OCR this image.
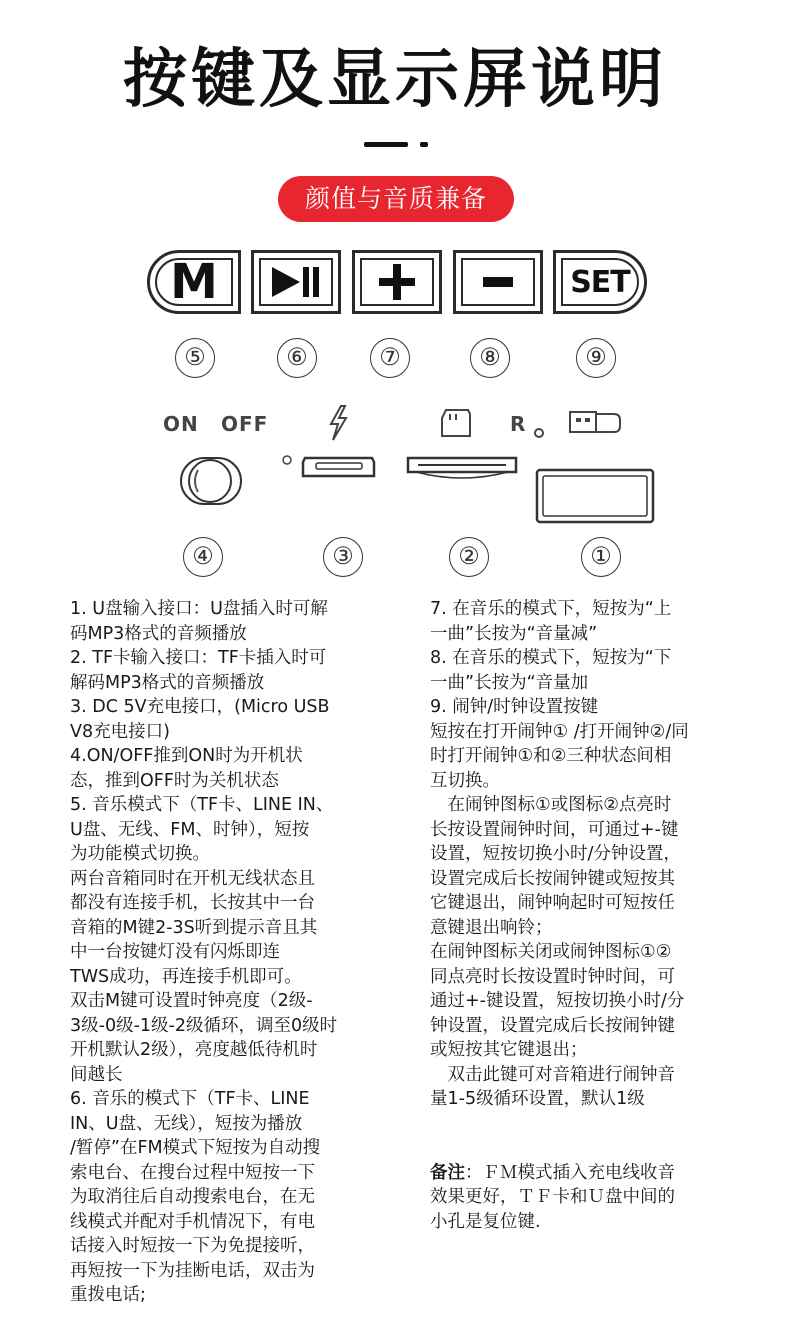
按键及显示屏说明
颜值与音质兼备
M	SET
⑤	⑥	⑦	⑧	⑨
ON OFF	R
④	③	②	①

1. U盘输入接口：U盘插入时可解

码MP3格式的音频播放

2. TF卡输入接口：TF卡插入时可

解码MP3格式的音频播放

3. DC 5V充电接口，(Micro USB

V8充电接口)

4.ON/OFF推到ON时为开机状

态，推到OFF时为关机状态

5. 音乐模式下（TF卡、LINE IN、

U盘、无线、FM、时钟），短按

为功能模式切换。

两台音箱同时在开机无线状态且

都没有连接手机，长按其中一台

音箱的M键2-3S听到提示音且其

中一台按键灯没有闪烁即连

TWS成功，再连接手机即可。

双击M键可设置时钟亮度（2级-

3级-0级-1级-2级循环，调至0级时

开机默认2级），亮度越低待机时

间越长

6. 音乐的模式下（TF卡、LINE

IN、U盘、无线），短按为播放

/暂停”在FM模式下短按为自动搜

索电台、在搜台过程中短按一下

为取消往后自动搜索电台，在无

线模式并配对手机情况下，有电

话接入时短按一下为免提接听，

再短按一下为挂断电话，双击为

重拨电话;

7. 在音乐的模式下，短按为“上

一曲”长按为“音量减”

8. 在音乐的模式下，短按为“下

一曲”长按为“音量加

9. 闹钟/时钟设置按键

短按在打开闹钟① /打开闹钟②/同

时打开闹钟①和②三种状态间相

互切换。

　在闹钟图标①或图标②点亮时

长按设置闹钟时间，可通过+-键

设置，短按切换小时/分钟设置，

设置完成后长按闹钟键或短按其

它键退出，闹钟响起时可短按任

意键退出响铃；

在闹钟图标关闭或闹钟图标①②

同点亮时长按设置时钟时间，可

通过+-键设置，短按切换小时/分

钟设置，设置完成后长按闹钟键

或短按其它键退出；

　双击此键可对音箱进行闹钟音

量1-5级循环设置，默认1级

备注：ＦＭ模式插入充电线收音

效果更好，ＴＦ卡和Ｕ盘中间的

小孔是复位键.
